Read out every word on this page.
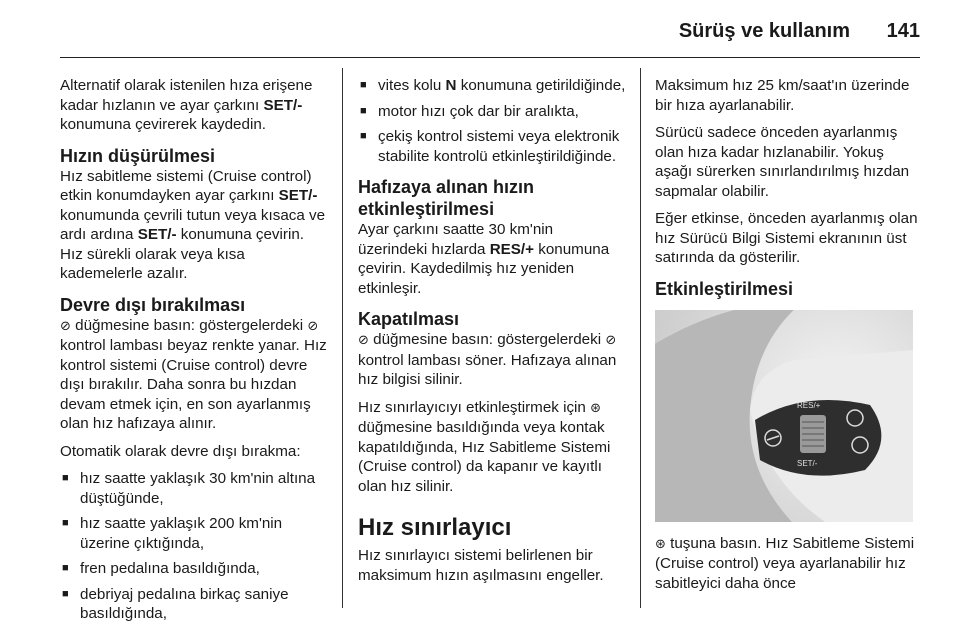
Sürüş ve kullanım 141

Alternatif olarak istenilen hıza erişene kadar hızlanın ve ayar çarkını SET/- konumuna çevirerek kaydedin.

Hızın düşürülmesi

Hız sabitleme sistemi (Cruise control) etkin konumdayken ayar çarkını SET/- konumunda çevrili tutun veya kısaca ve ardı ardına SET/- konumuna çevirin. Hız sürekli olarak veya kısa kademelerle azalır.

Devre dışı bırakılması

⊘ düğmesine basın: göstergelerdeki ⊘ kontrol lambası beyaz renkte yanar. Hız kontrol sistemi (Cruise control) devre dışı bırakılır. Daha sonra bu hızdan devam etmek için, en son ayarlanmış olan hız hafızaya alınır.

Otomatik olarak devre dışı bırakma:

■ hız saatte yaklaşık 30 km'nin altına düştüğünde,
■ hız saatte yaklaşık 200 km'nin üzerine çıktığında,
■ fren pedalına basıldığında,
■ debriyaj pedalına birkaç saniye basıldığında,
■ vites kolu N konumuna getirildiğinde,
■ motor hızı çok dar bir aralıkta,
■ çekiş kontrol sistemi veya elektronik stabilite kontrolü etkinleştirildiğinde.
Hafızaya alınan hızın etkinleştirilmesi

Ayar çarkını saatte 30 km'nin üzerindeki hızlarda RES/+ konumuna çevirin. Kaydedilmiş hız yeniden etkinleşir.

Kapatılması

⊘ düğmesine basın: göstergelerdeki ⊘ kontrol lambası söner. Hafızaya alınan hız bilgisi silinir.

Hız sınırlayıcıyı etkinleştirmek için ⊛ düğmesine basıldığında veya kontak kapatıldığında, Hız Sabitleme Sistemi (Cruise control) da kapanır ve kayıtlı olan hız silinir.

Hız sınırlayıcı

Hız sınırlayıcı sistemi belirlenen bir maksimum hızın aşılmasını engeller.

Maksimum hız 25 km/saat'ın üzerinde bir hıza ayarlanabilir.

Sürücü sadece önceden ayarlanmış olan hıza kadar hızlanabilir. Yokuş aşağı sürerken sınırlandırılmış hızdan sapmalar olabilir.

Eğer etkinse, önceden ayarlanmış olan hız Sürücü Bilgi Sistemi ekranının üst satırında da gösterilir.

Etkinleştirilmesi
RES/+
SET/-

⊛ tuşuna basın. Hız Sabitleme Sistemi (Cruise control) veya ayarlanabilir hız sabitleyici daha önce
